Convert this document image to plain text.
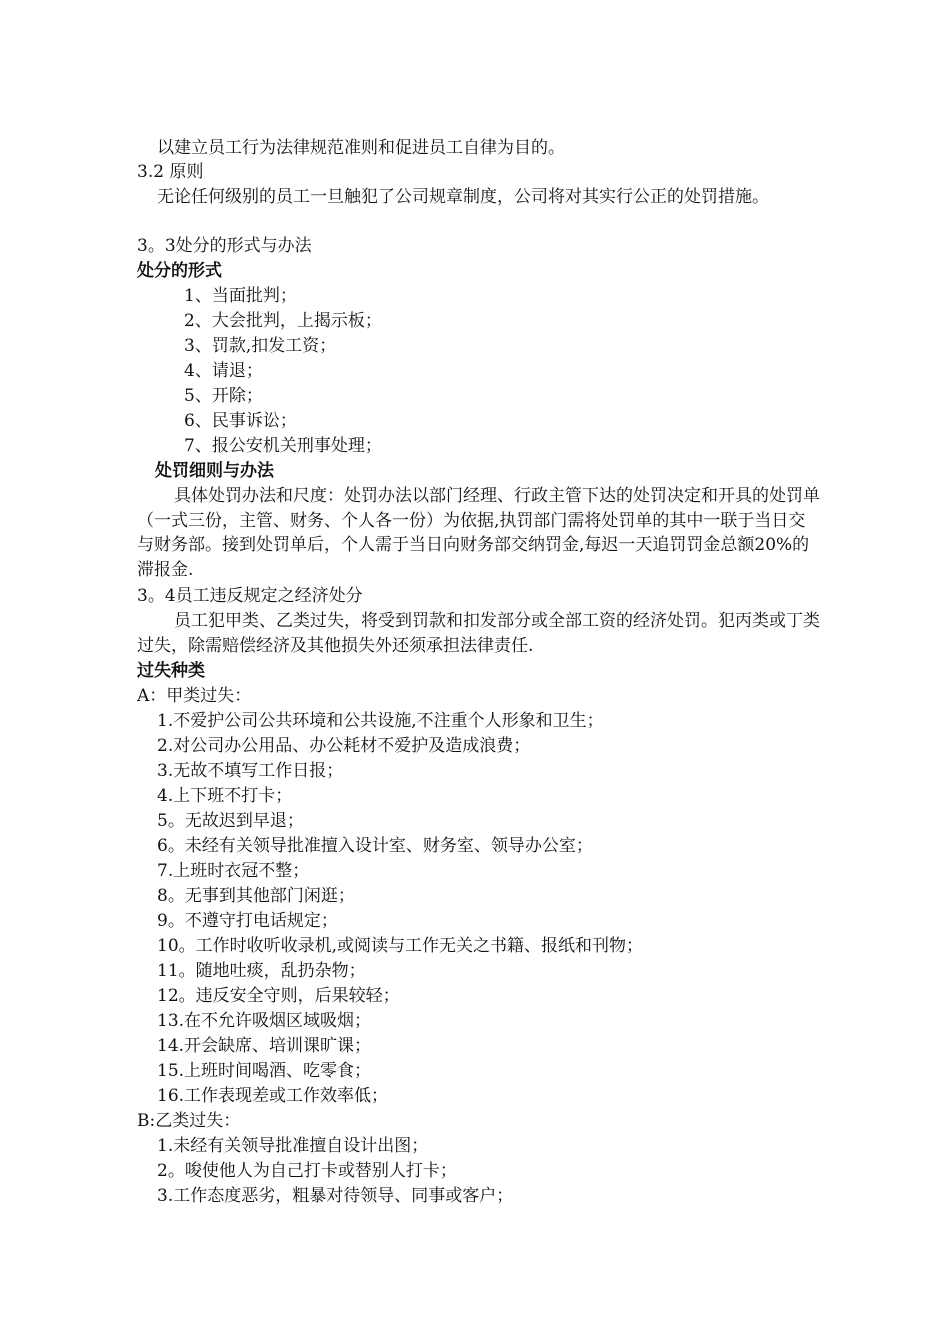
以建立员工行为法律规范准则和促进员工自律为目的。
3.2 原则

无论任何级别的员工一旦触犯了公司规章制度，公司将对其实行公正的处罚措施。

3。3处分的形式与办法
处分的形式
1、当面批判；
2、大会批判，上揭示板；
3、罚款,扣发工资；
4、请退；
5、开除；
6、民事诉讼；
7、报公安机关刑事处理；
处罚细则与办法

具体处罚办法和尺度：处罚办法以部门经理、行政主管下达的处罚决定和开具的处罚单（一式三份，主管、财务、个人各一份）为依据,执罚部门需将处罚单的其中一联于当日交与财务部。接到处罚单后，个人需于当日向财务部交纳罚金,每迟一天追罚罚金总额20%的滞报金.

3。4员工违反规定之经济处分

员工犯甲类、乙类过失，将受到罚款和扣发部分或全部工资的经济处罚。犯丙类或丁类过失，除需赔偿经济及其他损失外还须承担法律责任.

过失种类
A：甲类过失：
1.不爱护公司公共环境和公共设施,不注重个人形象和卫生；
2.对公司办公用品、办公耗材不爱护及造成浪费；
3.无故不填写工作日报；
4.上下班不打卡；
5。无故迟到早退；
6。未经有关领导批准擅入设计室、财务室、领导办公室；
7.上班时衣冠不整；
8。无事到其他部门闲逛；
9。不遵守打电话规定；
10。工作时收听收录机,或阅读与工作无关之书籍、报纸和刊物；
11。随地吐痰，乱扔杂物；
12。违反安全守则，后果较轻；
13.在不允许吸烟区域吸烟；
14.开会缺席、培训课旷课；
15.上班时间喝酒、吃零食；
16.工作表现差或工作效率低；
B:乙类过失：
1.未经有关领导批准擅自设计出图；
2。唆使他人为自己打卡或替别人打卡；
3.工作态度恶劣，粗暴对待领导、同事或客户；
